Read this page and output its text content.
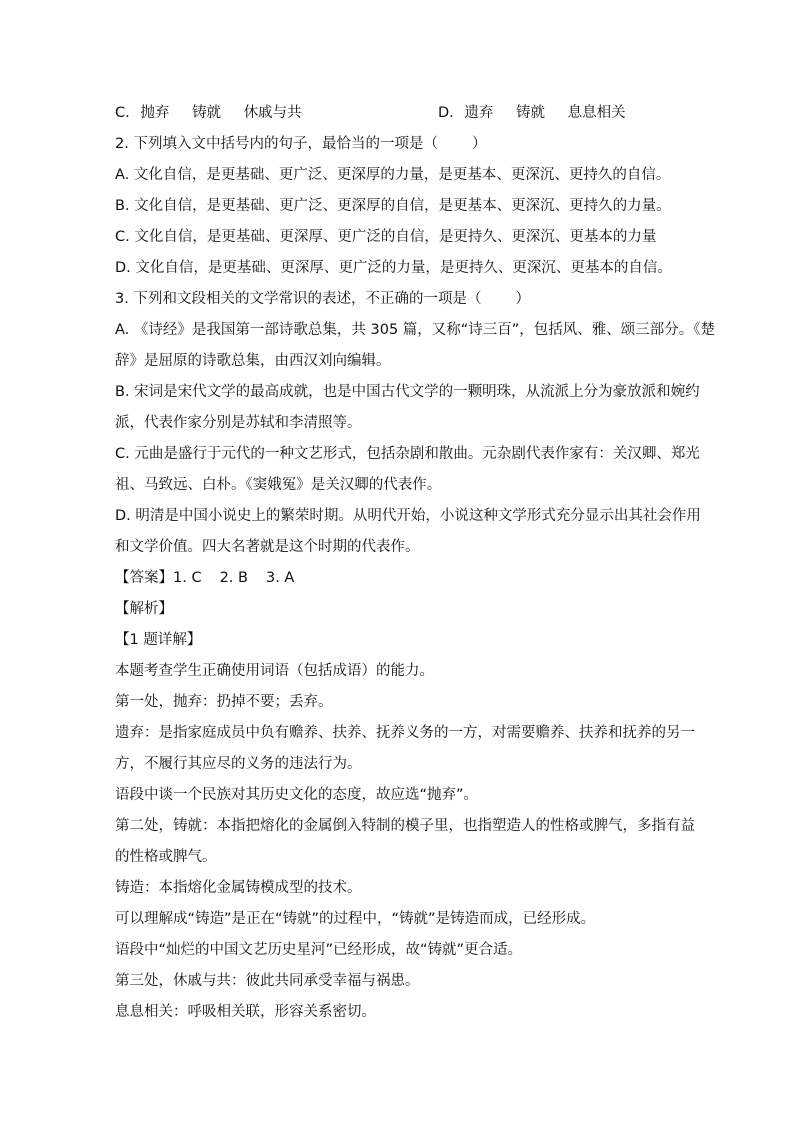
C. 抛弃 铸就 休戚与共	D. 遗弃 铸就 息息相关
2. 下列填入文中括号内的句子，最恰当的一项是（ ）
A. 文化自信，是更基础、更广泛、更深厚的力量，是更基本、更深沉、更持久的自信。
B. 文化自信，是更基础、更广泛、更深厚的自信，是更基本、更深沉、更持久的力量。
C. 文化自信，是更基础、更深厚、更广泛的自信，是更持久、更深沉、更基本的力量
D. 文化自信，是更基础、更深厚、更广泛的力量，是更持久、更深沉、更基本的自信。
3. 下列和文段相关的文学常识的表述，不正确的一项是（ ）
A. 《诗经》是我国第一部诗歌总集，共 305 篇，又称“诗三百”，包括风、雅、颂三部分。《楚
辞》是屈原的诗歌总集，由西汉刘向编辑。
B. 宋词是宋代文学的最高成就，也是中国古代文学的一颗明珠，从流派上分为豪放派和婉约
派，代表作家分别是苏轼和李清照等。
C. 元曲是盛行于元代的一种文艺形式，包括杂剧和散曲。元杂剧代表作家有：关汉卿、郑光
祖、马致远、白朴。《窦娥冤》是关汉卿的代表作。
D. 明清是中国小说史上的繁荣时期。从明代开始，小说这种文学形式充分显示出其社会作用
和文学价值。四大名著就是这个时期的代表作。
【答案】1. C 2. B 3. A
【解析】
【1 题详解】
本题考查学生正确使用词语（包括成语）的能力。
第一处，抛弃：扔掉不要；丢弃。
遗弃：是指家庭成员中负有赡养、扶养、抚养义务的一方，对需要赡养、扶养和抚养的另一
方，不履行其应尽的义务的违法行为。
语段中谈一个民族对其历史文化的态度，故应选“抛弃”。
第二处，铸就：本指把熔化的金属倒入特制的模子里，也指塑造人的性格或脾气，多指有益
的性格或脾气。
铸造：本指熔化金属铸模成型的技术。
可以理解成“铸造”是正在“铸就”的过程中，“铸就”是铸造而成，已经形成。
语段中“灿烂的中国文艺历史星河”已经形成，故“铸就”更合适。
第三处，休戚与共：彼此共同承受幸福与祸患。
息息相关：呼吸相关联，形容关系密切。
